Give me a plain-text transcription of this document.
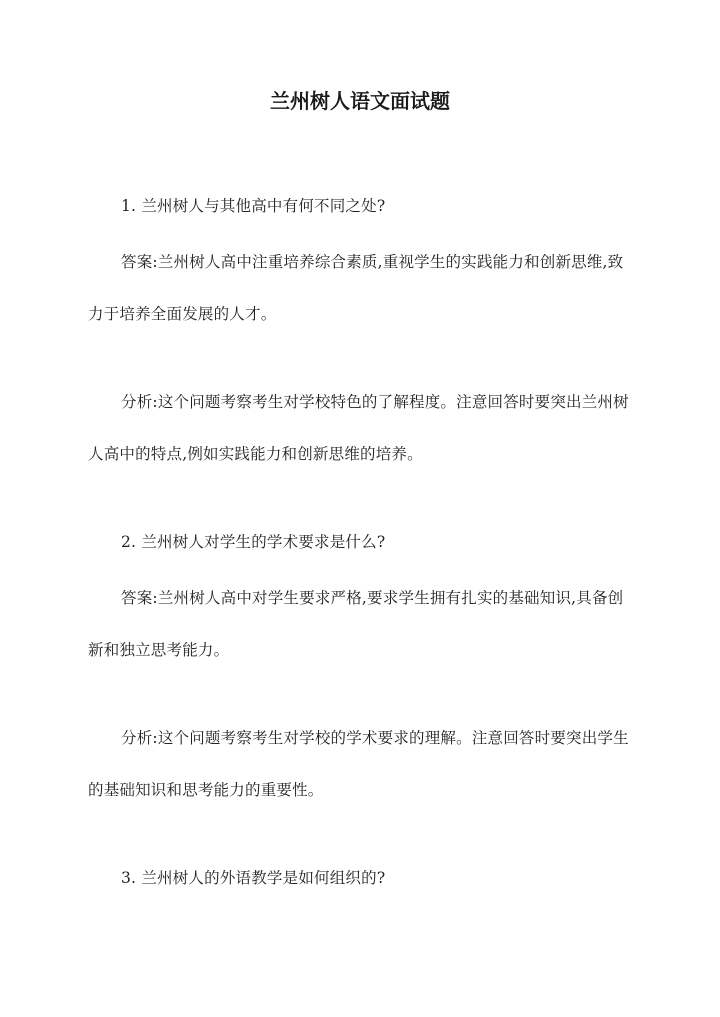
兰州树人语文面试题

1. 兰州树人与其他高中有何不同之处?

答案:兰州树人高中注重培养综合素质,重视学生的实践能力和创新思维,致力于培养全面发展的人才。

分析:这个问题考察考生对学校特色的了解程度。注意回答时要突出兰州树人高中的特点,例如实践能力和创新思维的培养。

2. 兰州树人对学生的学术要求是什么?

答案:兰州树人高中对学生要求严格,要求学生拥有扎实的基础知识,具备创新和独立思考能力。

分析:这个问题考察考生对学校的学术要求的理解。注意回答时要突出学生的基础知识和思考能力的重要性。

3. 兰州树人的外语教学是如何组织的?
